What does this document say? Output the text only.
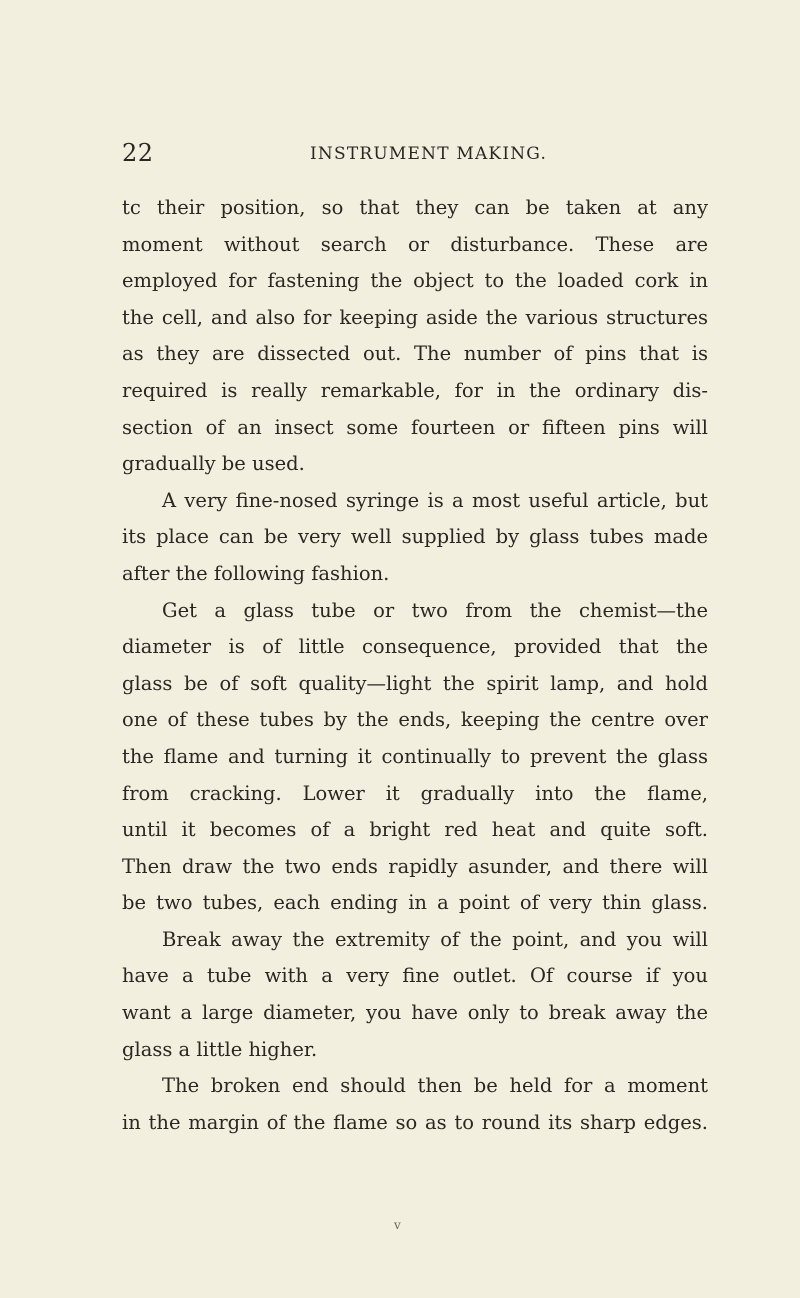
22	INSTRUMENT MAKING.
tc their position, so that they can be taken at any
moment without search or disturbance. These are
employed for fastening the object to the loaded cork in
the cell, and also for keeping aside the various structures
as they are dissected out. The number of pins that is
required is really remarkable, for in the ordinary dis-
section of an insect some fourteen or fifteen pins will
gradually be used.
A very fine-nosed syringe is a most useful article, but
its place can be very well supplied by glass tubes made
after the following fashion.
Get a glass tube or two from the chemist—the
diameter is of little consequence, provided that the
glass be of soft quality—light the spirit lamp, and hold
one of these tubes by the ends, keeping the centre over
the flame and turning it continually to prevent the glass
from cracking. Lower it gradually into the flame,
until it becomes of a bright red heat and quite soft.
Then draw the two ends rapidly asunder, and there will
be two tubes, each ending in a point of very thin glass.
Break away the extremity of the point, and you will
have a tube with a very fine outlet. Of course if you
want a large diameter, you have only to break away the
glass a little higher.
The broken end should then be held for a moment
in the margin of the flame so as to round its sharp edges.
v
